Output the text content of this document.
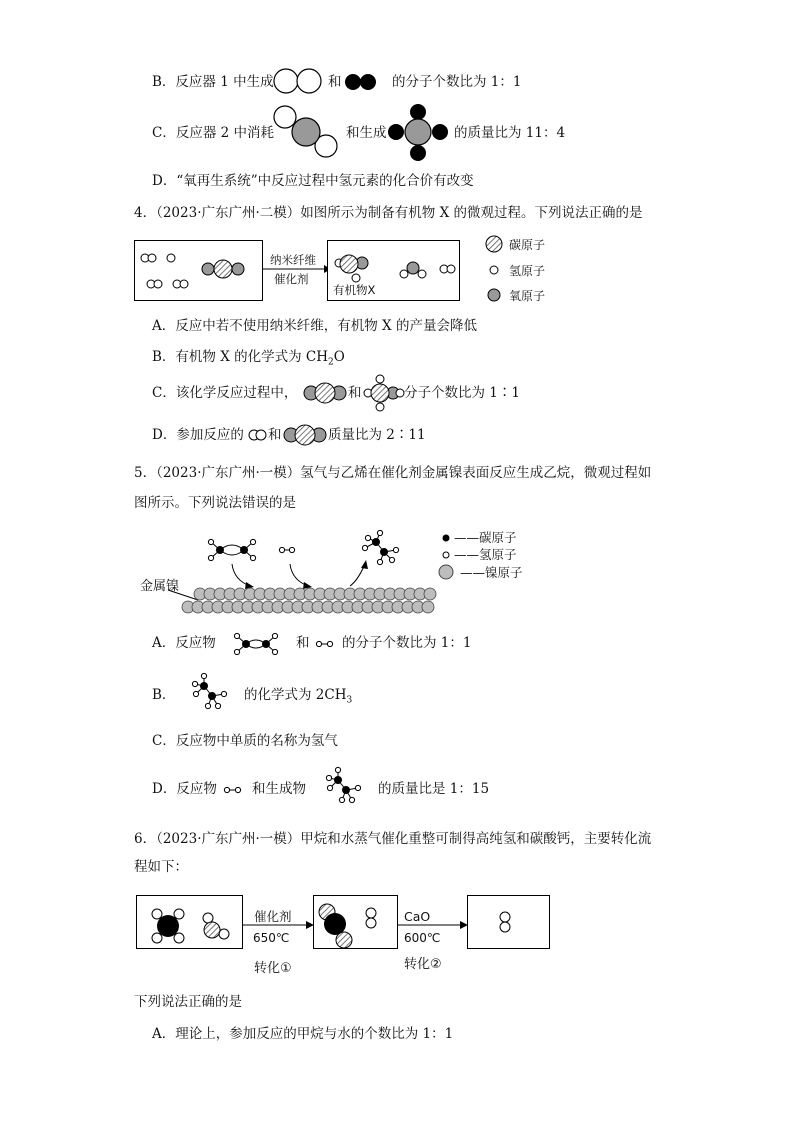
B．反应器 1 中生成	和	的分子个数比为 1：1
C．反应器 2 中消耗	和生成	的质量比为 11：4
D．“氧再生系统”中反应过程中氢元素的化合价有改变
4．（2023·广东广州·二模）如图所示为制备有机物 X 的微观过程。下列说法正确的是
纳米纤维
催化剂
有机物X
碳原子
氢原子
氧原子
A．反应中若不使用纳米纤维，有机物 X 的产量会降低
B．有机物 X 的化学式为 $CH_2O$
C．该化学反应过程中，	和	分子个数比为 1∶1
D．参加反应的 和	质量比为 2∶11
5．（2023·广东广州·一模）氢气与乙烯在催化剂金属镍表面反应生成乙烷，微观过程如
图所示。下列说法错误的是
金属镍
——碳原子
——氢原子
——镍原子
A．反应物	和 的分子个数比为 1：1
B．	的化学式为 $2CH_3$
C．反应物中单质的名称为氢气
D．反应物	和生成物	的质量比是 1：15
6．（2023·广东广州·一模）甲烷和水蒸气催化重整可制得高纯氢和碳酸钙，主要转化流
程如下：
催化剂
650℃
CaO
600℃
转化①	转化②
下列说法正确的是
A．理论上，参加反应的甲烷与水的个数比为 1：1
